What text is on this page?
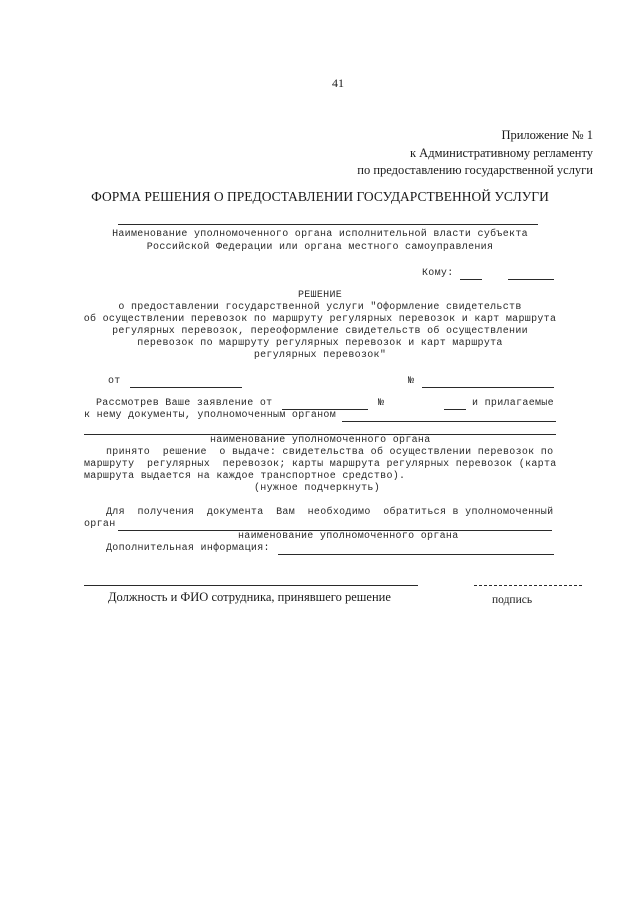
41
Приложение № 1
к Административному регламенту
по предоставлению государственной услуги
ФОРМА РЕШЕНИЯ О ПРЕДОСТАВЛЕНИИ ГОСУДАРСТВЕННОЙ УСЛУГИ
Наименование уполномоченного органа исполнительной власти субъекта
Российской Федерации или органа местного самоуправления
Кому:
РЕШЕНИЕ
о предоставлении государственной услуги "Оформление свидетельств
об осуществлении перевозок по маршруту регулярных перевозок и карт маршрута
регулярных перевозок, переоформление свидетельств об осуществлении
перевозок по маршруту регулярных перевозок и карт маршрута
регулярных перевозок"
от	№
Рассмотрев Ваше заявление от	№	и прилагаемые
к нему документы, уполномоченным органом
наименование уполномоченного органа
принято  решение  о выдаче: свидетельства об осуществлении перевозок по
маршруту  регулярных  перевозок; карты маршрута регулярных перевозок (карта
маршрута выдается на каждое транспортное средство).
(нужное подчеркнуть)
Для  получения  документа  Вам  необходимо  обратиться в уполномоченный
орган
наименование уполномоченного органа
Дополнительная информация:
Должность и ФИО сотрудника, принявшего решение	подпись
